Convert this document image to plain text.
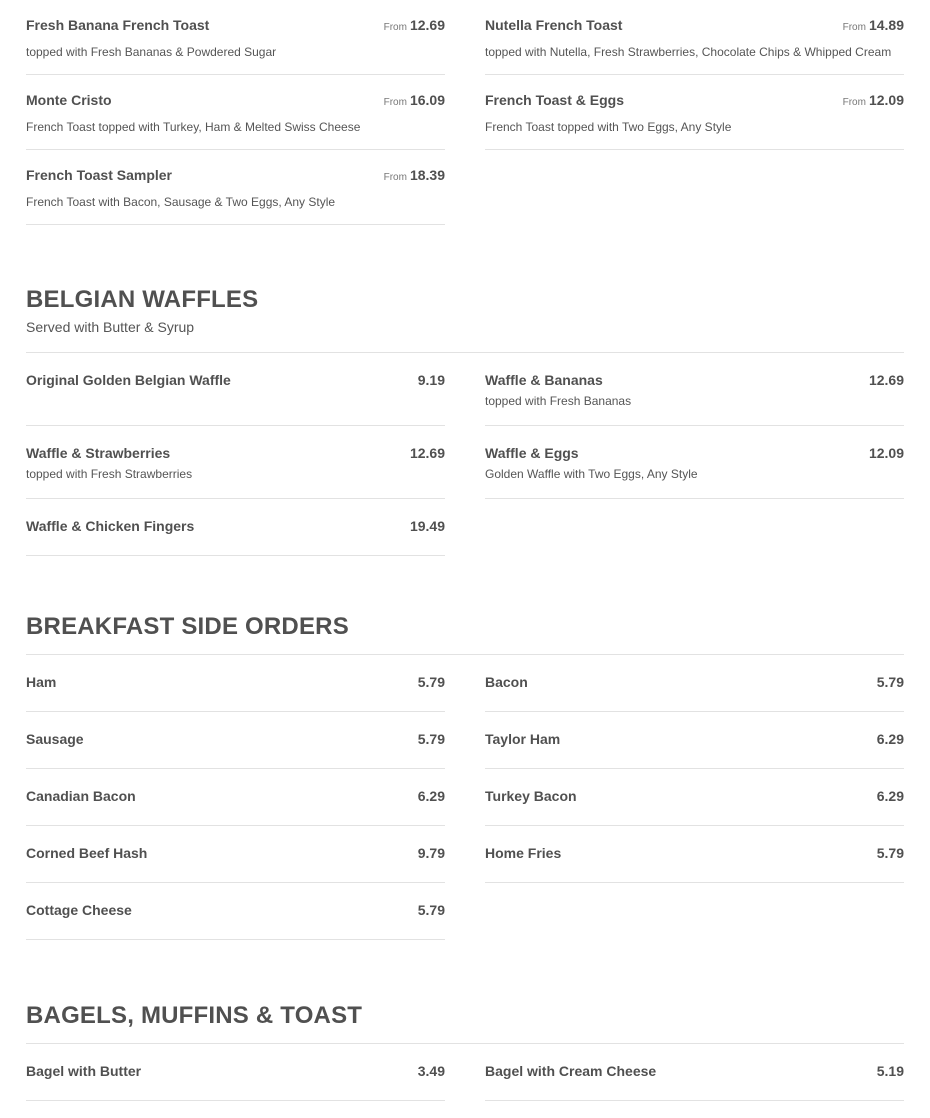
Fresh Banana French Toast	From 12.69
topped with Fresh Bananas & Powdered Sugar
Nutella French Toast	From 14.89
topped with Nutella, Fresh Strawberries, Chocolate Chips & Whipped Cream
Monte Cristo	From 16.09
French Toast topped with Turkey, Ham & Melted Swiss Cheese
French Toast & Eggs	From 12.09
French Toast topped with Two Eggs, Any Style
French Toast Sampler	From 18.39
French Toast with Bacon, Sausage & Two Eggs, Any Style
BELGIAN WAFFLES
Served with Butter & Syrup
Original Golden Belgian Waffle	9.19	Waffle & Bananas	12.69
topped with Fresh Bananas
Waffle & Strawberries	12.69
topped with Fresh Strawberries
Waffle & Eggs	12.09
Golden Waffle with Two Eggs, Any Style
Waffle & Chicken Fingers	19.49
BREAKFAST SIDE ORDERS
Ham	5.79	Bacon	5.79
Sausage	5.79	Taylor Ham	6.29
Canadian Bacon	6.29	Turkey Bacon	6.29
Corned Beef Hash	9.79	Home Fries	5.79
Cottage Cheese	5.79
BAGELS, MUFFINS & TOAST
Bagel with Butter	3.49	Bagel with Cream Cheese	5.19
